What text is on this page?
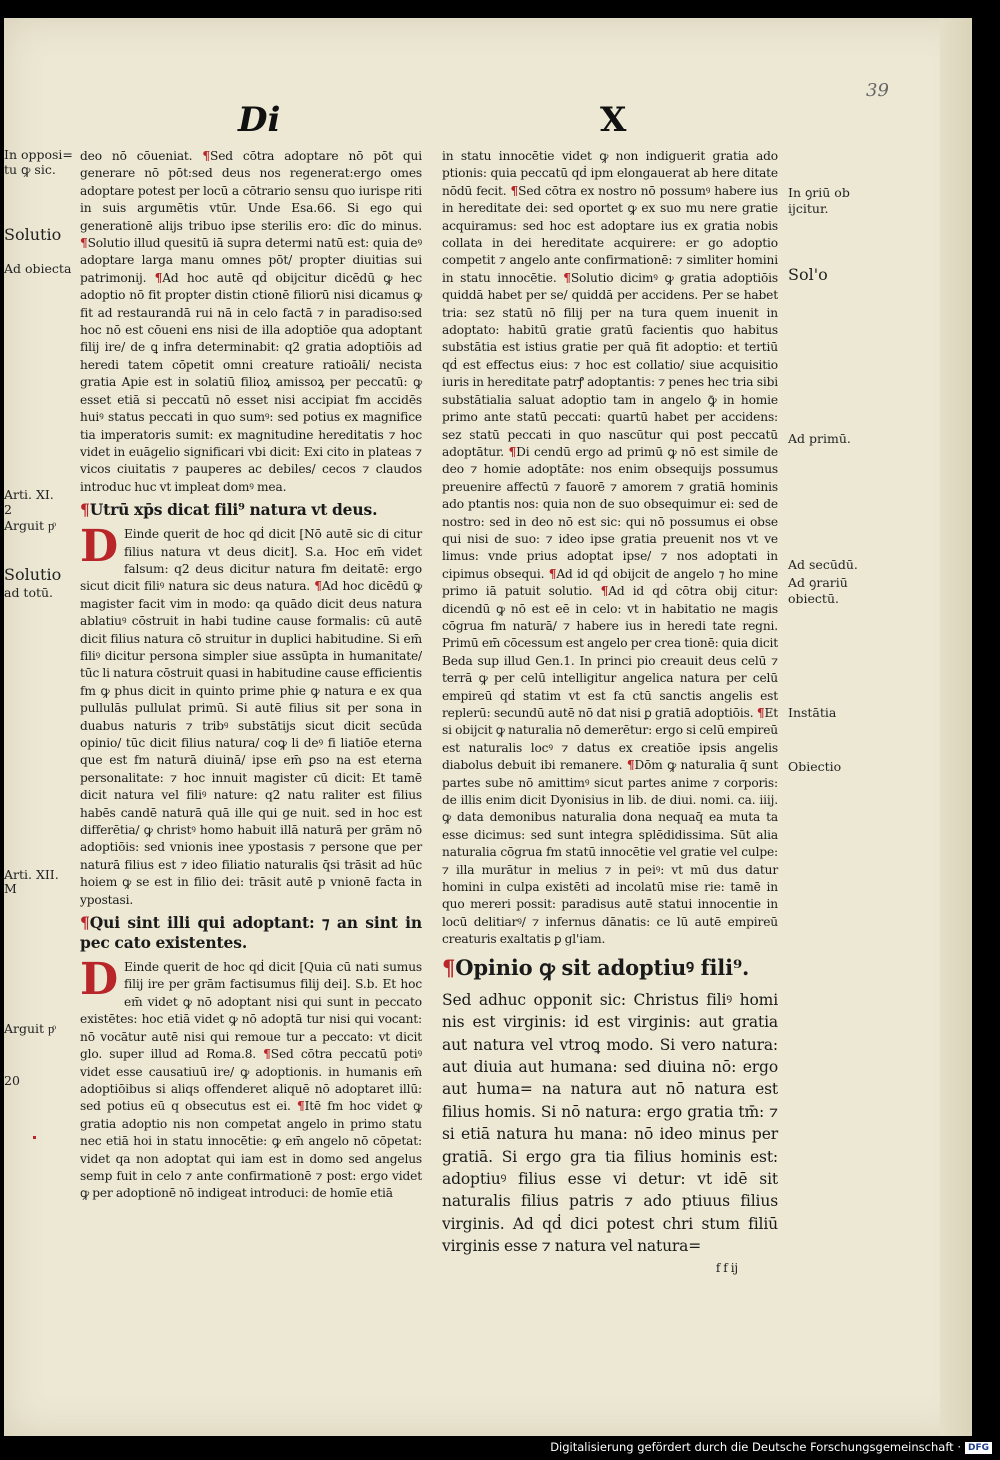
39
Di	X
In opposi=
tu ꝙ sic.
Solutio
Ad obiecta
Arti. XI.
2
Arguit pͦ
Solutio
ad totū.
Arti. XII.
M
Arguit pͦ
20
In ꝯriū ob
ijcitur.
Sol'o
Ad primū.
Ad secūdū.
Ad ꝯrariū
obiectū.
Instātia
Obiectio

deo nō cōueniat. ¶Sed cōtra adoptare nō pōt qui generare nō pōt:sed deus nos regenerat:ergo omes adoptare potest per locū a cōtrario sensu quo iurispe riti in suis argumētis vtūr. Unde Esa.66. Si ego qui generationē alijs tribuo ipse sterilis ero: dīc do minus. ¶Solutio illud quesitū iā supra determi natū est: quia deꝰ adoptare larga manu omnes pōt/ propter diuitias sui patrimonij. ¶Ad hoc autē qḋ obijcitur dicēdū ꝙ hec adoptio nō fit propter distin ctionē filiorū nisi dicamus ꝙ fit ad restaurandā rui nā in celo factā ⁊ in paradiso:sed hoc nō est cōueni ens nisi de illa adoptiōe qua adoptant filij ire/ de ꝗ infra determinabit: q2 gratia adoptiōis ad heredi tatem cōpetit omni creature ratioāli/ necista gratia Apie est in solatiū filioꝝ amissoꝝ per peccatū: ꝙ esset etiā si peccatū nō esset nisi accipiat fm accidēs huiꝰ status peccati in quo sumꝰ: sed potius ex magnifice tia imperatoris sumit: ex magnitudine hereditatis ⁊ hoc videt in euāgelio significari vbi dicit: Exi cito in plateas ⁊ vicos ciuitatis ⁊ pauperes ac debiles/ cecos ⁊ claudos introduc huc vt impleat domꝰ mea.

¶Utrū xp̄s dicat fili⁹ natura vt deus.

D Einde querit de hoc qḋ dicit [Nō autē sic di citur filius natura vt deus dicit]. S.a. Hoc em̄ videt falsum: q2 deus dicitur natura fm deitatē: ergo sicut dicit filiꝰ natura sic deus natura. ¶Ad hoc dicēdū ꝙ magister facit vim in modo: qa quādo dicit deus natura ablatiuꝰ cōstruit in habi tudine cause formalis: cū autē dicit filius natura cō struitur in duplici habitudine. Si em̄ filiꝰ dicitur persona simpler siue assūpta in humanitate/ tūc li natura cōstruit quasi in habitudine cause efficientis fm ꝙ phus dicit in quinto prime phie ꝙ natura e ex qua pullulās pullulat primū. Si autē filius sit per sona in duabus naturis ⁊ tribꝰ substātijs sicut dicit secūda opinio/ tūc dicit filius natura/ coꝙ li deꝰ fi liatiōe eterna que est fm naturā diuinā/ ipse em̄ ꝑso na est eterna personalitate: ⁊ hoc innuit magister cū dicit: Et tamē dicit natura vel filiꝰ nature: q2 natu raliter est filius habēs candē naturā quā ille qui ge nuit. sed in hoc est differētia/ ꝙ christꝰ homo habuit illā naturā per grām nō adoptiōis: sed vnionis inee ypostasis ⁊ persone que per naturā filius est ⁊ ideo filiatio naturalis q̄si trāsit ad hūc hoiem ꝙ se est in filio dei: trāsit autē p vnionē facta in ypostasi.

¶Qui sint illi qui adoptant: ⁊ an sint in pec cato existentes.

D Einde querit de hoc qḋ dicit [Quia cū nati sumus filij ire per grām factisumus filij dei]. S.b. Et hoc em̄ videt ꝙ nō adoptant nisi qui sunt in peccato existētes: hoc etiā videt ꝙ nō adoptā tur nisi qui vocant: nō vocātur autē nisi qui remoue tur a peccato: vt dicit glo. super illud ad Roma.8. ¶Sed cōtra peccatū potiꝰ videt esse causatiuū ire/ ꝙ adoptionis. in humanis em̄ adoptiōibus si aliqs offenderet aliquē nō adoptaret illū: sed potius eū q obsecutus est ei. ¶Itē fm hoc videt ꝙ gratia adoptio nis non competat angelo in primo statu nec etiā hoi in statu innocētie: ꝙ em̄ angelo nō cōpetat: videt qa non adoptat qui iam est in domo sed angelus semp fuit in celo ⁊ ante confirmationē ⁊ post: ergo videt ꝙ per adoptionē nō indigeat introduci: de homīe etiā

in statu innocētie videt ꝙ non indiguerit gratia ado ptionis: quia peccatū qḋ ipm elongauerat ab here ditate nōdū fecit. ¶Sed cōtra ex nostro nō possumꝰ habere ius in hereditate dei: sed oportet ꝙ ex suo mu nere gratie acquiramus: sed hoc est adoptare ius ex gratia nobis collata in dei hereditate acquirere: er go adoptio competit ⁊ angelo ante confirmationē: ⁊ simliter homini in statu innocētie. ¶Solutio dicimꝰ ꝙ gratia adoptiōis quiddā habet per se/ quiddā per accidens. Per se habet tria: sez statū nō filij per na tura quem inuenit in adoptato: habitū gratie gratū facientis quo habitus substātia est istius gratie per quā fit adoptio: et tertiū qḋ est effectus eius: ⁊ hoc est collatio/ siue acquisitio iuris in hereditate patrꝭ adoptantis: ⁊ penes hec tria sibi substātialia saluat adoptio tam in angelo ꝙ̄ in homie primo ante statū peccati: quartū habet per accidens: sez statū peccati in quo nascūtur qui post peccatū adoptātur. ¶Di cendū ergo ad primū ꝙ nō est simile de deo ⁊ homie adoptāte: nos enim obsequijs possumus preuenire affectū ⁊ fauorē ⁊ amorem ⁊ gratiā hominis ado ptantis nos: quia non de suo obsequimur ei: sed de nostro: sed in deo nō est sic: qui nō possumus ei obse qui nisi de suo: ⁊ ideo ipse gratia preuenit nos vt ve limus: vnde prius adoptat ipse/ ⁊ nos adoptati in cipimus obsequi. ¶Ad id qḋ obijcit de angelo ⁊ ho mine primo iā patuit solutio. ¶Ad id qḋ cōtra obij citur: dicendū ꝙ nō est eē in celo: vt in habitatio ne magis cōgrua fm naturā/ ⁊ habere ius in heredi tate regni. Primū em̄ cōcessum est angelo per crea tionē: quia dicit Beda sup illud Gen.1. In princi pio creauit deus celū ⁊ terrā ꝙ per celū intelligitur angelica natura per celū empireū qḋ statim vt est fa ctū sanctis angelis est replerū: secundū autē nō dat nisi ꝑ gratiā adoptiōis. ¶Et si obijcit ꝙ naturalia nō demerētur: ergo si celū empireū est naturalis locꝰ ⁊ datus ex creatiōe ipsis angelis diabolus debuit ibi remanere. ¶Dōm ꝙ naturalia q̄ sunt partes sube nō amittimꝰ sicut partes anime ⁊ corporis: de illis enim dicit Dyonisius in lib. de diui. nomi. ca. iiij. ꝙ data demonibus naturalia dona nequaq̄ ea muta ta esse dicimus: sed sunt integra splēdidissima. Sūt alia naturalia cōgrua fm statū innocētie vel gratie vel culpe: ⁊ illa murātur in melius ⁊ in peiꝰ: vt mū dus datur homini in culpa existēti ad incolatū mise rie: tamē in quo mereri possit: paradisus autē statui innocentie in locū delitiarꝰ/ ⁊ infernus dānatis: ce lū autē empireū creaturis exaltatis ꝑ gl'iam.

¶Opinio ꝙ sit adoptiuꝰ fili⁹.

Sed adhuc opponit sic: Christus filiꝰ homi nis est virginis: id est virginis: aut gratia aut natura vel vtroꝗ modo. Si vero natura: aut diuia aut humana: sed diuina nō: ergo aut huma= na natura aut nō natura est filius homis. Si nō natura: ergo gratia tm̄: ⁊ si etiā natura hu mana: nō ideo minus per gratiā. Si ergo gra tia filius hominis est: adoptiuꝰ filius esse vi detur: vt idē sit naturalis filius patris ⁊ ado ptiuus filius virginis. Ad qḋ dici potest chri stum filiū virginis esse ⁊ natura vel natura=

f f ij
Digitalisierung gefördert durch die Deutsche Forschungsgemeinschaft · DFG
